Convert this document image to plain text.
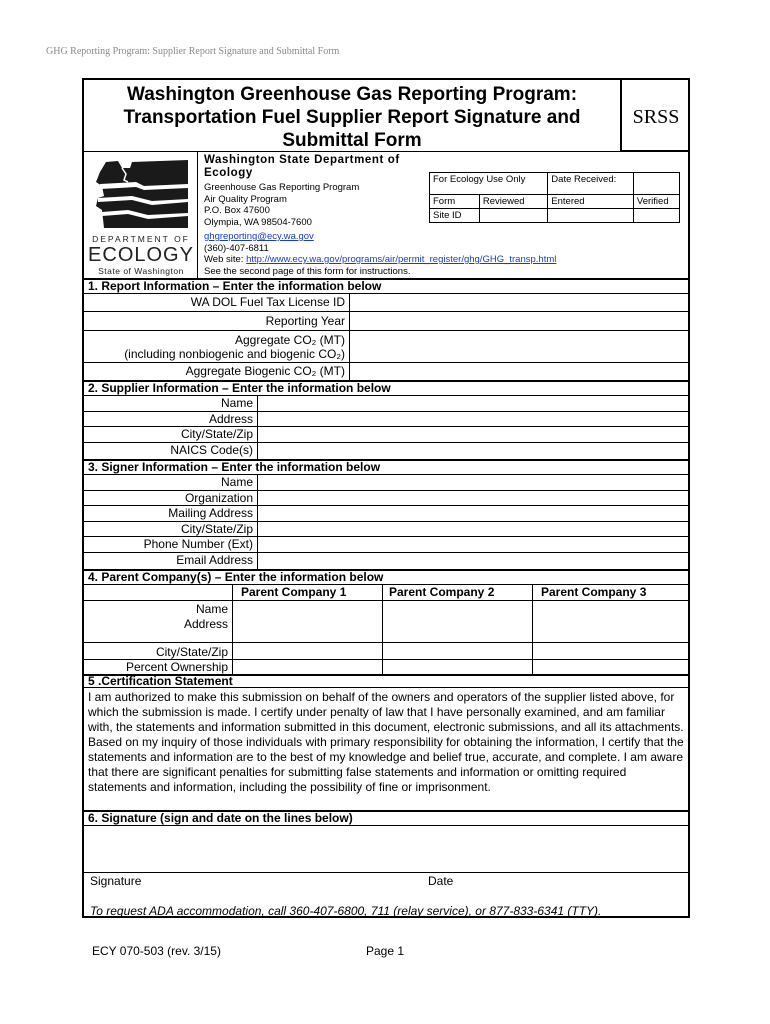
GHG Reporting Program: Supplier Report Signature and Submittal Form
Washington Greenhouse Gas Reporting Program: Transportation Fuel Supplier Report Signature and Submittal Form
SRSS
DEPARTMENT OF
ECOLOGY
State of Washington
Washington State Department of Ecology
Greenhouse Gas Reporting Program
Air Quality Program
P.O. Box 47600
Olympia, WA 98504-7600
ghgreporting@ecy.wa.gov
(360)-407-6811
Web site: http://www.ecy.wa.gov/programs/air/permit_register/ghg/GHG_transp.html
See the second page of this form for instructions.
For Ecology Use Only		Date Received:	

Form	Reviewed	Entered	Verified
Site ID			
1. Report Information – Enter the information below
WA DOL Fuel Tax License ID
Reporting Year
Aggregate CO₂ (MT)
(including nonbiogenic and biogenic CO₂)
Aggregate Biogenic CO₂ (MT)
2. Supplier Information – Enter the information below
Name
Address
City/State/Zip
NAICS Code(s)
3. Signer Information – Enter the information below
Name
Organization
Mailing Address
City/State/Zip
Phone Number (Ext)
Email Address
4. Parent Company(s) – Enter the information below
Parent Company 1	Parent Company 2	Parent Company 3
Name
Address
City/State/Zip
Percent Ownership
5 .Certification Statement
I am authorized to make this submission on behalf of the owners and operators of the supplier listed above, for which the submission is made. I certify under penalty of law that I have personally examined, and am familiar with, the statements and information submitted in this document, electronic submissions, and all its attachments. Based on my inquiry of those individuals with primary responsibility for obtaining the information, I certify that the statements and information are to the best of my knowledge and belief true, accurate, and complete. I am aware that there are significant penalties for submitting false statements and information or omitting required statements and information, including the possibility of fine or imprisonment.
6. Signature (sign and date on the lines below)
Signature	Date
To request ADA accommodation, call 360-407-6800, 711 (relay service), or 877-833-6341 (TTY).
ECY 070-503 (rev. 3/15)	Page 1
